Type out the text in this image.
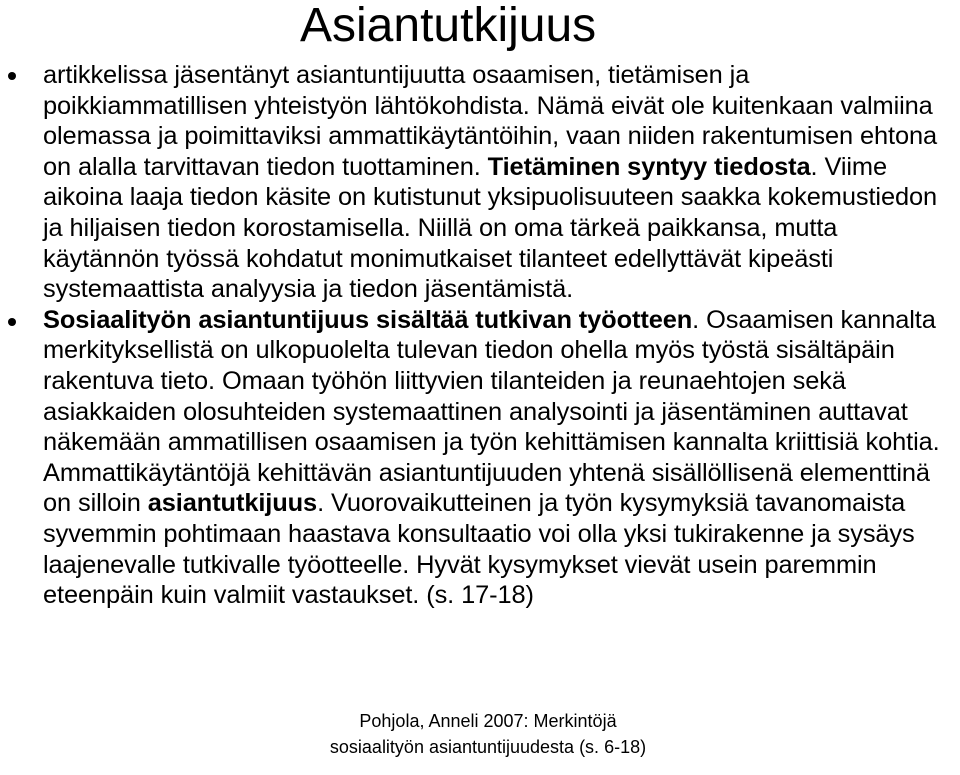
Asiantutkijuus
artikkelissa jäsentänyt asiantuntijuutta osaamisen, tietämisen ja poikkiammatillisen yhteistyön lähtökohdista. Nämä eivät ole kuitenkaan valmiina olemassa ja poimittaviksi ammattikäytäntöihin, vaan niiden rakentumisen ehtona on alalla tarvittavan tiedon tuottaminen. Tietäminen syntyy tiedosta. Viime aikoina laaja tiedon käsite on kutistunut yksipuolisuuteen saakka kokemustiedon ja hiljaisen tiedon korostamisella. Niillä on oma tärkeä paikkansa, mutta käytännön työssä kohdatut monimutkaiset tilanteet edellyttävät kipeästi systemaattista analyysia ja tiedon jäsentämistä.
Sosiaalityön asiantuntijuus sisältää tutkivan työotteen. Osaamisen kannalta merkityksellistä on ulkopuolelta tulevan tiedon ohella myös työstä sisältäpäin rakentuva tieto. Omaan työhön liittyvien tilanteiden ja reunaehtojen sekä asiakkaiden olosuhteiden systemaattinen analysointi ja jäsentäminen auttavat näkemään ammatillisen osaamisen ja työn kehittämisen kannalta kriittisiä kohtia. Ammattikäytäntöjä kehittävän asiantuntijuuden yhtenä sisällöllisenä elementtinä on silloin asiantutkijuus. Vuorovaikutteinen ja työn kysymyksiä tavanomaista syvemmin pohtimaan haastava konsultaatio voi olla yksi tukirakenne ja sysäys laajenevalle tutkivalle työotteelle. Hyvät kysymykset vievät usein paremmin eteenpäin kuin valmiit vastaukset. (s. 17-18)
Pohjola, Anneli 2007: Merkintöjä sosiaalityön asiantuntijuudesta (s. 6-18)
